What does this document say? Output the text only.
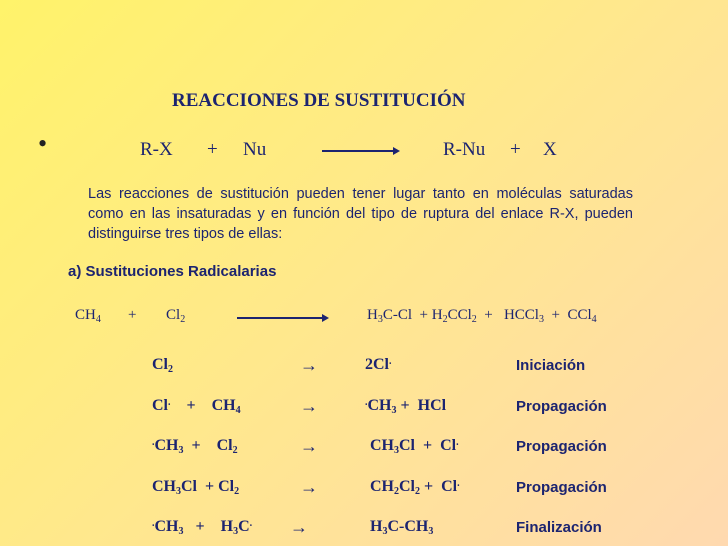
REACCIONES DE SUSTITUCIÓN
•	R-X + Nu	R-Nu + X
Las reacciones de sustitución pueden tener lugar tanto en moléculas saturadas como en las insaturadas y en función del tipo de ruptura del enlace R-X, pueden distinguirse tres tipos de ellas:
a) Sustituciones Radicalarias
$CH_4 + Cl_2$	$H_3C-Cl + H_2CCl_2$  +   HCCl$_3$  +  CCl$_4$
$Cl_2$	→	2Cl.	Iniciación
Cl.    +    $CH_4$	→	$^.CH_3$ +  HCl	Propagación
$^.CH_3$  +    $Cl_2$	→	$CH_3Cl + Cl^.$	Propagación
$CH_3Cl + Cl_2$	→	$CH_2Cl_2 + Cl^.$	Propagación
$^.CH_3$   +    $H_3C^.$ →	$H_3C-CH_3$	Finalización
